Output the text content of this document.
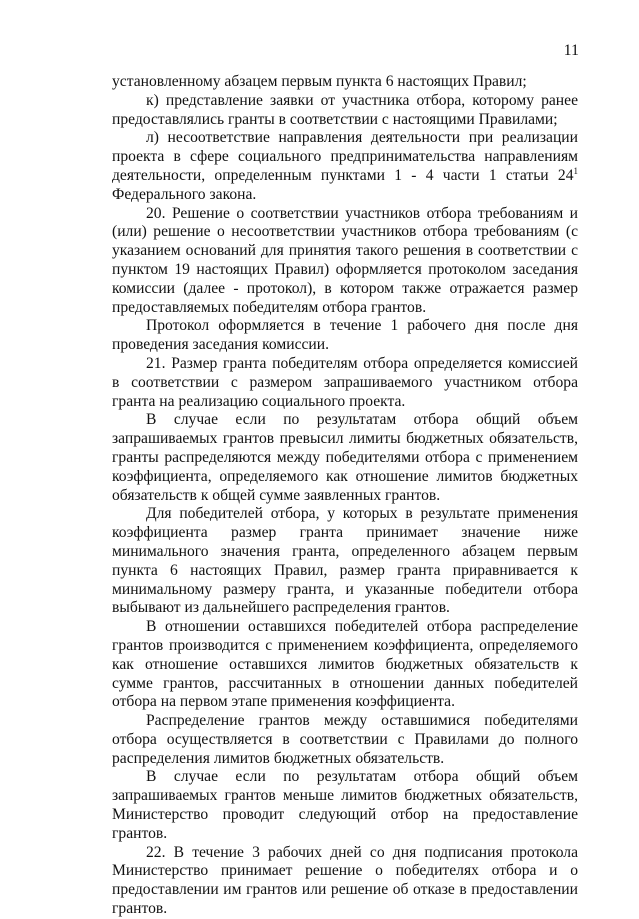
11

установленному абзацем первым пункта 6 настоящих Правил;

к) представление заявки от участника отбора, которому ранее предоставлялись гранты в соответствии с настоящими Правилами;

л) несоответствие направления деятельности при реализации проекта в сфере социального предпринимательства направлениям деятельности, определенным пунктами 1 - 4 части 1 статьи $24^1$ Федерального закона.

20. Решение о соответствии участников отбора требованиям и (или) решение о несоответствии участников отбора требованиям (с указанием оснований для принятия такого решения в соответствии с пунктом 19 настоящих Правил) оформляется протоколом заседания комиссии (далее - протокол), в котором также отражается размер предоставляемых победителям отбора грантов.

Протокол оформляется в течение 1 рабочего дня после дня проведения заседания комиссии.

21. Размер гранта победителям отбора определяется комиссией в соответствии с размером запрашиваемого участником отбора гранта на реализацию социального проекта.

В случае если по результатам отбора общий объем запрашиваемых грантов превысил лимиты бюджетных обязательств, гранты распределяются между победителями отбора с применением коэффициента, определяемого как отношение лимитов бюджетных обязательств к общей сумме заявленных грантов.

Для победителей отбора, у которых в результате применения коэффициента размер гранта принимает значение ниже минимального значения гранта, определенного абзацем первым пункта 6 настоящих Правил, размер гранта приравнивается к минимальному размеру гранта, и указанные победители отбора выбывают из дальнейшего распределения грантов.

В отношении оставшихся победителей отбора распределение грантов производится с применением коэффициента, определяемого как отношение оставшихся лимитов бюджетных обязательств к сумме грантов, рассчитанных в отношении данных победителей отбора на первом этапе применения коэффициента.

Распределение грантов между оставшимися победителями отбора осуществляется в соответствии с Правилами до полного распределения лимитов бюджетных обязательств.

В случае если по результатам отбора общий объем запрашиваемых грантов меньше лимитов бюджетных обязательств, Министерство проводит следующий отбор на предоставление грантов.

22. В течение 3 рабочих дней со дня подписания протокола Министерство принимает решение о победителях отбора и о предоставлении им грантов или решение об отказе в предоставлении грантов.
